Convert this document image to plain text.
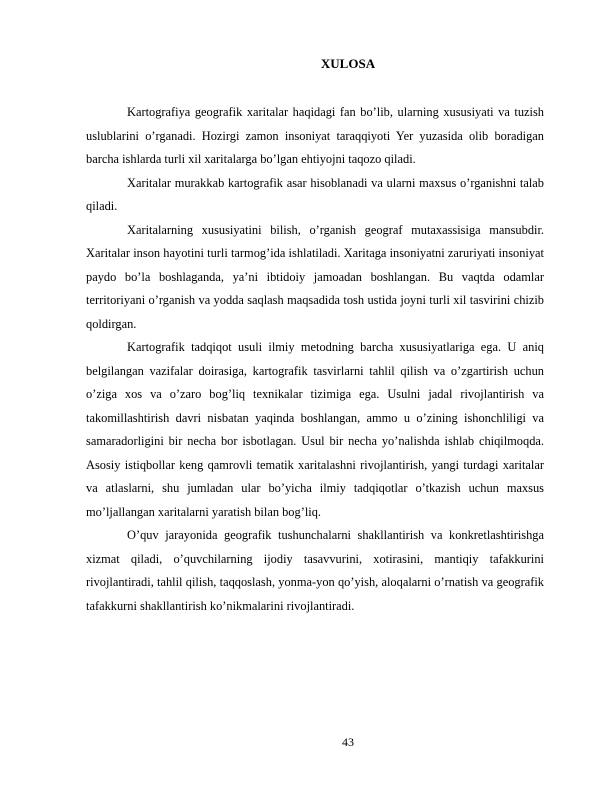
XULOSA

Kartografiya geografik xaritalar haqidagi fan bo’lib, ularning xususiyati va tuzish uslublarini o’rganadi. Hozirgi zamon insoniyat taraqqiyoti Yer yuzasida olib boradigan barcha ishlarda turli xil xaritalarga bo’lgan ehtiyojni taqozo qiladi.

Xaritalar murakkab kartografik asar hisoblanadi va ularni maxsus o’rganishni talab qiladi.

Xaritalarning xususiyatini bilish, o’rganish geograf mutaxassisiga mansubdir. Xaritalar inson hayotini turli tarmog’ida ishlatiladi. Xaritaga insoniyatni zaruriyati insoniyat paydo bo’la boshlaganda, ya’ni ibtidoiy jamoadan boshlangan. Bu vaqtda odamlar territoriyani o’rganish va yodda saqlash maqsadida tosh ustida joyni turli xil tasvirini chizib qoldirgan.

Kartografik tadqiqot usuli ilmiy metodning barcha xususiyatlariga ega. U aniq belgilangan vazifalar doirasiga, kartografik tasvirlarni tahlil qilish va o’zgartirish uchun o’ziga xos va o’zaro bog’liq texnikalar tizimiga ega. Usulni jadal rivojlantirish va takomillashtirish davri nisbatan yaqinda boshlangan, ammo u o’zining ishonchliligi va samaradorligini bir necha bor isbotlagan. Usul bir necha yo’nalishda ishlab chiqilmoqda. Asosiy istiqbollar keng qamrovli tematik xaritalashni rivojlantirish, yangi turdagi xaritalar va atlaslarni, shu jumladan ular bo’yicha ilmiy tadqiqotlar o’tkazish uchun maxsus mo’ljallangan xaritalarni yaratish bilan bog’liq.

O’quv jarayonida geografik tushunchalarni shakllantirish va konkretlashtirishga xizmat qiladi, o’quvchilarning ijodiy tasavvurini, xotirasini, mantiqiy tafakkurini rivojlantiradi, tahlil qilish, taqqoslash, yonma-yon qo’yish, aloqalarni o’rnatish va geografik tafakkurni shakllantirish ko’nikmalarini rivojlantiradi.

43
